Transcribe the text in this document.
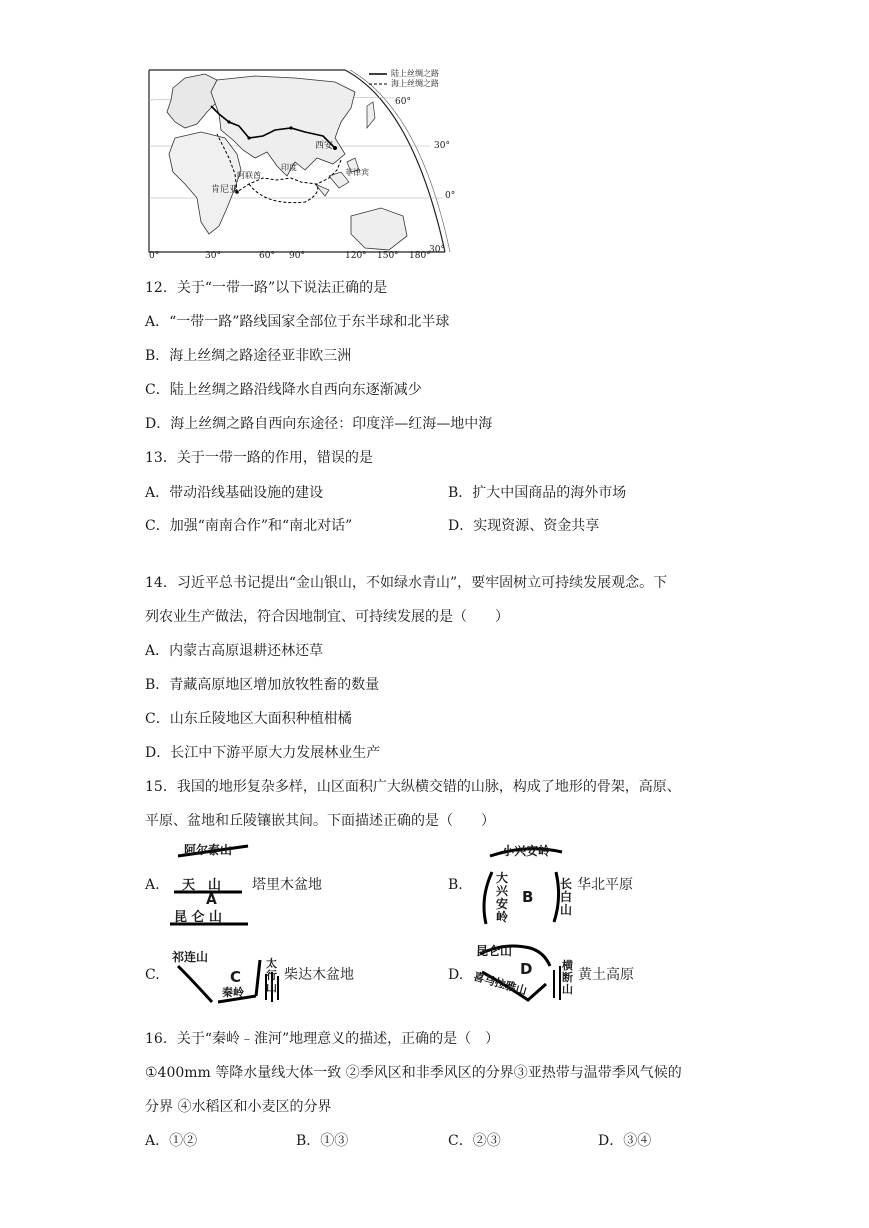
陆上丝绸之路
海上丝绸之路
60°
30°
0°
30°
西安
印度
阿联酋
肯尼亚
菲律宾
0°	30°	60° 90°	120° 150° 180°
12．关于“一带一路”以下说法正确的是
A．“一带一路”路线国家全部位于东半球和北半球
B．海上丝绸之路途径亚非欧三洲
C．陆上丝绸之路沿线降水自西向东逐渐减少
D．海上丝绸之路自西向东途径：印度洋—红海—地中海
13．关于一带一路的作用，错误的是
A．带动沿线基础设施的建设	B．扩大中国商品的海外市场
C．加强“南南合作”和“南北对话”	D．实现资源、资金共享
14．习近平总书记提出“金山银山，不如绿水青山”，要牢固树立可持续发展观念。下
列农业生产做法，符合因地制宜、可持续发展的是（　　）
A．内蒙古高原退耕还林还草
B．青藏高原地区增加放牧牲畜的数量
C．山东丘陵地区大面积种植柑橘
D．长江中下游平原大力发展林业生产
15．我国的地形复杂多样，山区面积广大纵横交错的山脉，构成了地形的骨架，高原、
平原、盆地和丘陵镶嵌其间。下面描述正确的是（　　）
A.
阿尔泰山
天　山
A
昆 仑 山
塔里木盆地	B.
小兴安岭
大兴安岭
B
长白山
华北平原
C.
祁连山
C
秦岭
太行山
柴达木盆地	D.
昆仑山
D
喜马拉雅山
横断山
黄土高原
16．关于“秦岭﹣淮河”地理意义的描述，正确的是（　）
①400mm 等降水量线大体一致 ②季风区和非季风区的分界③亚热带与温带季风气候的
分界 ④水稻区和小麦区的分界
A．①②	B．①③	C．②③	D．③④
